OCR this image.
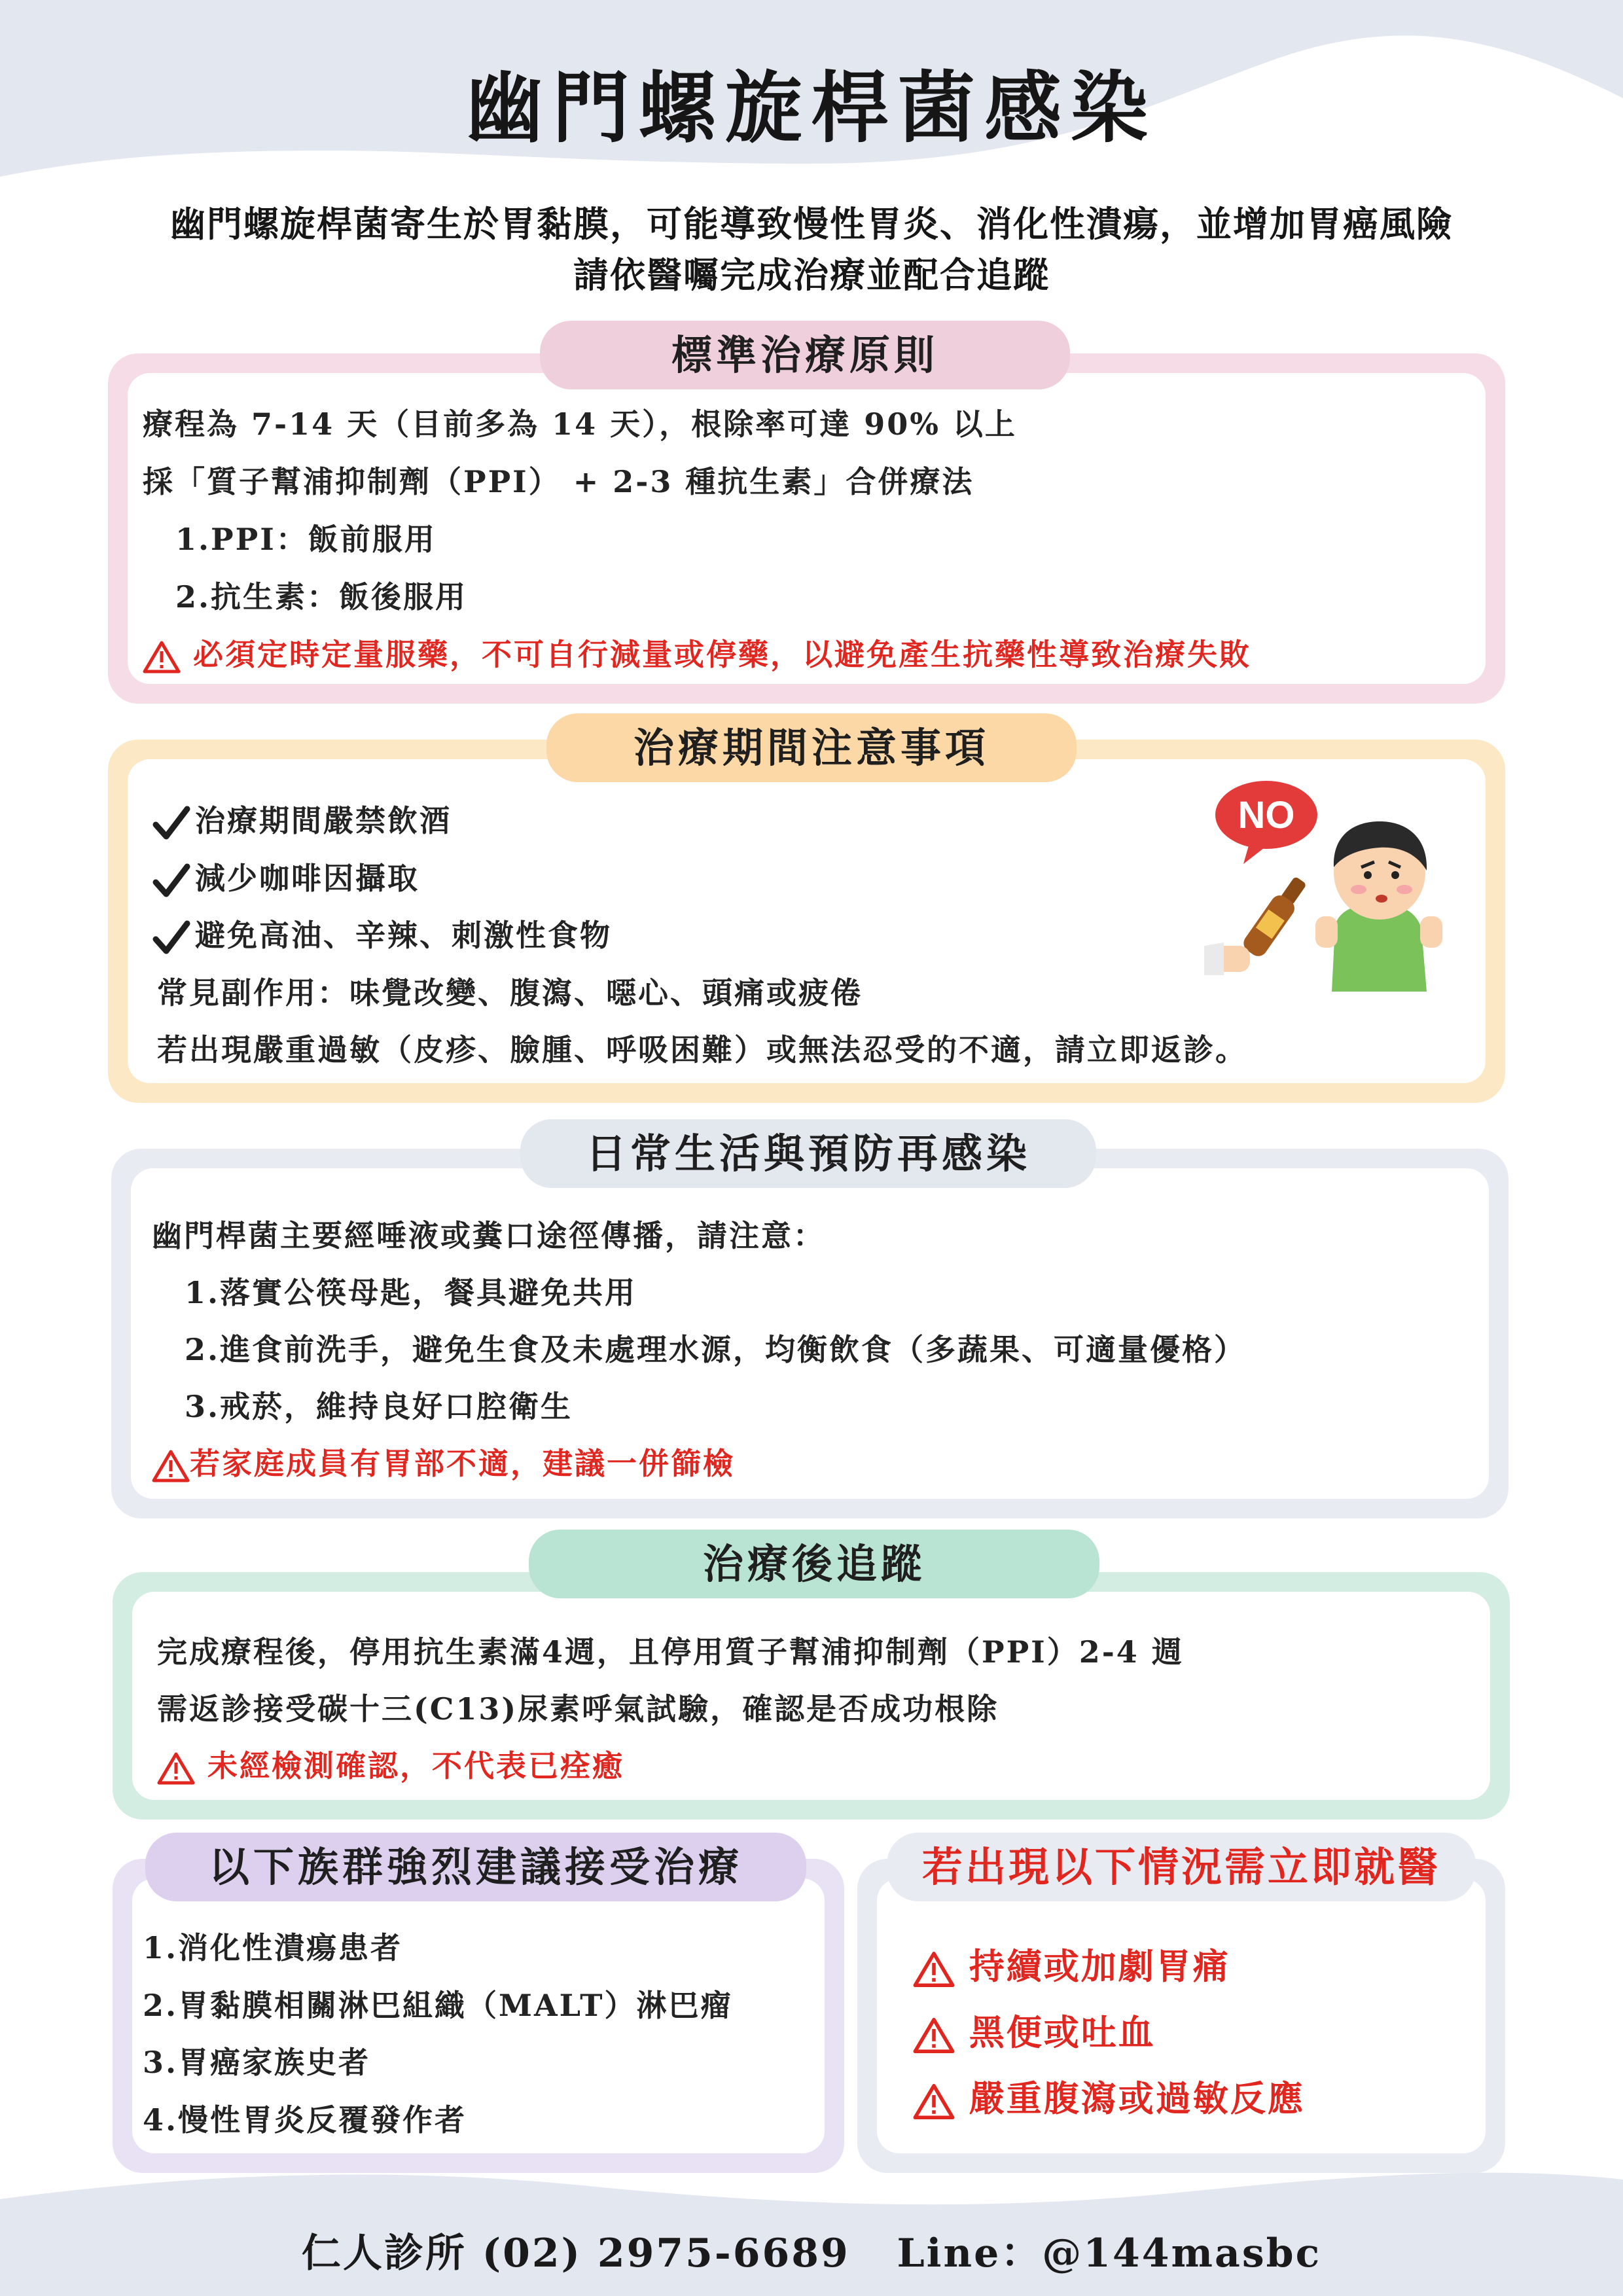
幽門螺旋桿菌感染
幽門螺旋桿菌寄生於胃黏膜，可能導致慢性胃炎、消化性潰瘍，並增加胃癌風險
請依醫囑完成治療並配合追蹤
標準治療原則
療程為 7-14 天（目前多為 14 天），根除率可達 90% 以上
採「質子幫浦抑制劑（PPI） + 2-3 種抗生素」合併療法
1.PPI：飯前服用
2.抗生素：飯後服用
必須定時定量服藥，不可自行減量或停藥，以避免產生抗藥性導致治療失敗
治療期間注意事項
治療期間嚴禁飲酒
減少咖啡因攝取
避免高油、辛辣、刺激性食物
常見副作用：味覺改變、腹瀉、噁心、頭痛或疲倦
若出現嚴重過敏（皮疹、臉腫、呼吸困難）或無法忍受的不適，請立即返診。
NO
日常生活與預防再感染
幽門桿菌主要經唾液或糞口途徑傳播，請注意：
1.落實公筷母匙，餐具避免共用
2.進食前洗手，避免生食及未處理水源，均衡飲食（多蔬果、可適量優格）
3.戒菸，維持良好口腔衛生
若家庭成員有胃部不適，建議一併篩檢
治療後追蹤
完成療程後，停用抗生素滿4週，且停用質子幫浦抑制劑（PPI）2-4 週
需返診接受碳十三(C13)尿素呼氣試驗，確認是否成功根除
未經檢測確認，不代表已痊癒
以下族群強烈建議接受治療
1.消化性潰瘍患者
2.胃黏膜相關淋巴組織（MALT）淋巴瘤
3.胃癌家族史者
4.慢性胃炎反覆發作者
若出現以下情況需立即就醫
持續或加劇胃痛
黑便或吐血
嚴重腹瀉或過敏反應
仁人診所 (02) 2975-6689   Line：@144masbc
